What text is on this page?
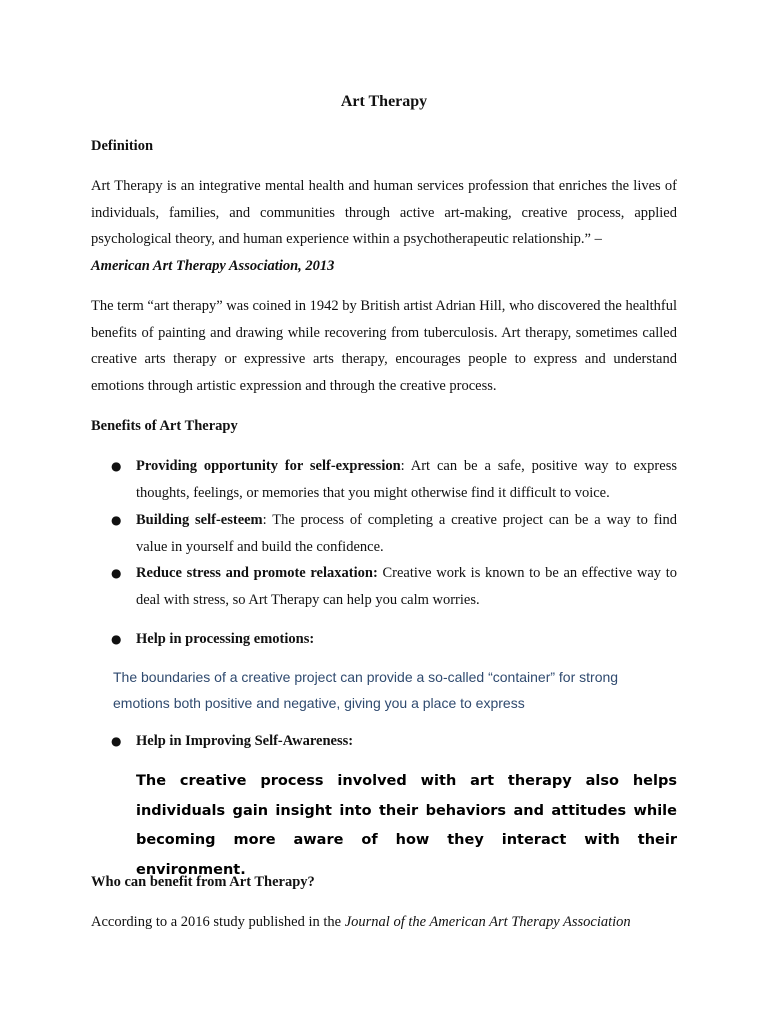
Art Therapy
Definition
Art Therapy is an integrative mental health and human services profession that enriches the lives of individuals, families, and communities through active art-making, creative process, applied psychological theory, and human experience within a psychotherapeutic relationship.” –
American Art Therapy Association, 2013
The term “art therapy” was coined in 1942 by British artist Adrian Hill, who discovered the healthful benefits of painting and drawing while recovering from tuberculosis. Art therapy, sometimes called creative arts therapy or expressive arts therapy, encourages people to express and understand emotions through artistic expression and through the creative process.
Benefits of Art Therapy
● Providing opportunity for self-expression: Art can be a safe, positive way to express thoughts, feelings, or memories that you might otherwise find it difficult to voice.
● Building self-esteem: The process of completing a creative project can be a way to find value in yourself and build the confidence.
● Reduce stress and promote relaxation: Creative work is known to be an effective way to deal with stress, so Art Therapy can help you calm worries.
● Help in processing emotions:
The boundaries of a creative project can provide a so-called “container” for strong emotions both positive and negative, giving you a place to express
● Help in Improving Self-Awareness:
The creative process involved with art therapy also helps individuals gain insight into their behaviors and attitudes while becoming more aware of how they interact with their environment.
Who can benefit from Art Therapy?
According to a 2016 study published in the Journal of the American Art Therapy Association
